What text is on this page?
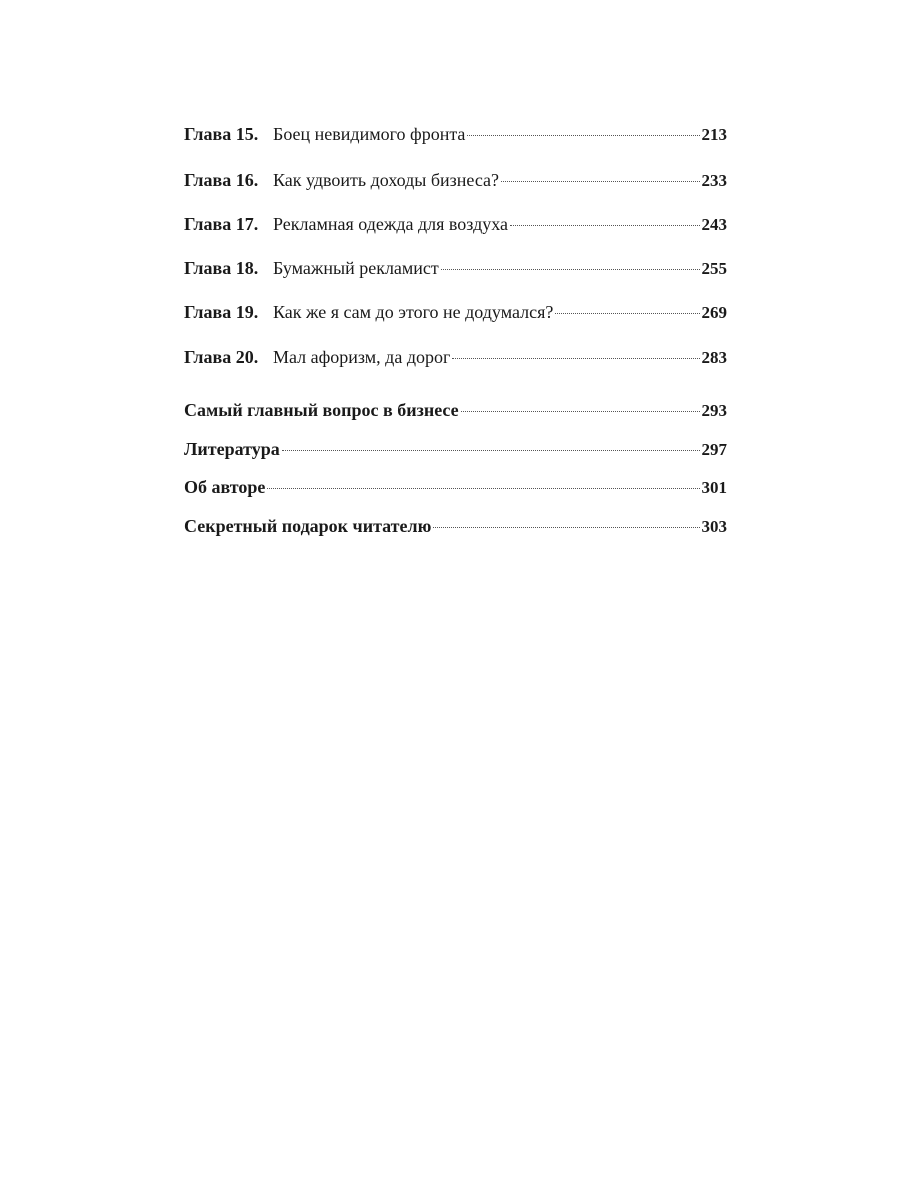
Глава 15. Боец невидимого фронта	213
Глава 16. Как удвоить доходы бизнеса?	233
Глава 17. Рекламная одежда для воздуха	243
Глава 18. Бумажный рекламист	255
Глава 19. Как же я сам до этого не додумался?	269
Глава 20. Мал афоризм, да дорог	283
Самый главный вопрос в бизнесе	293
Литература	297
Об авторе	301
Секретный подарок читателю	303
